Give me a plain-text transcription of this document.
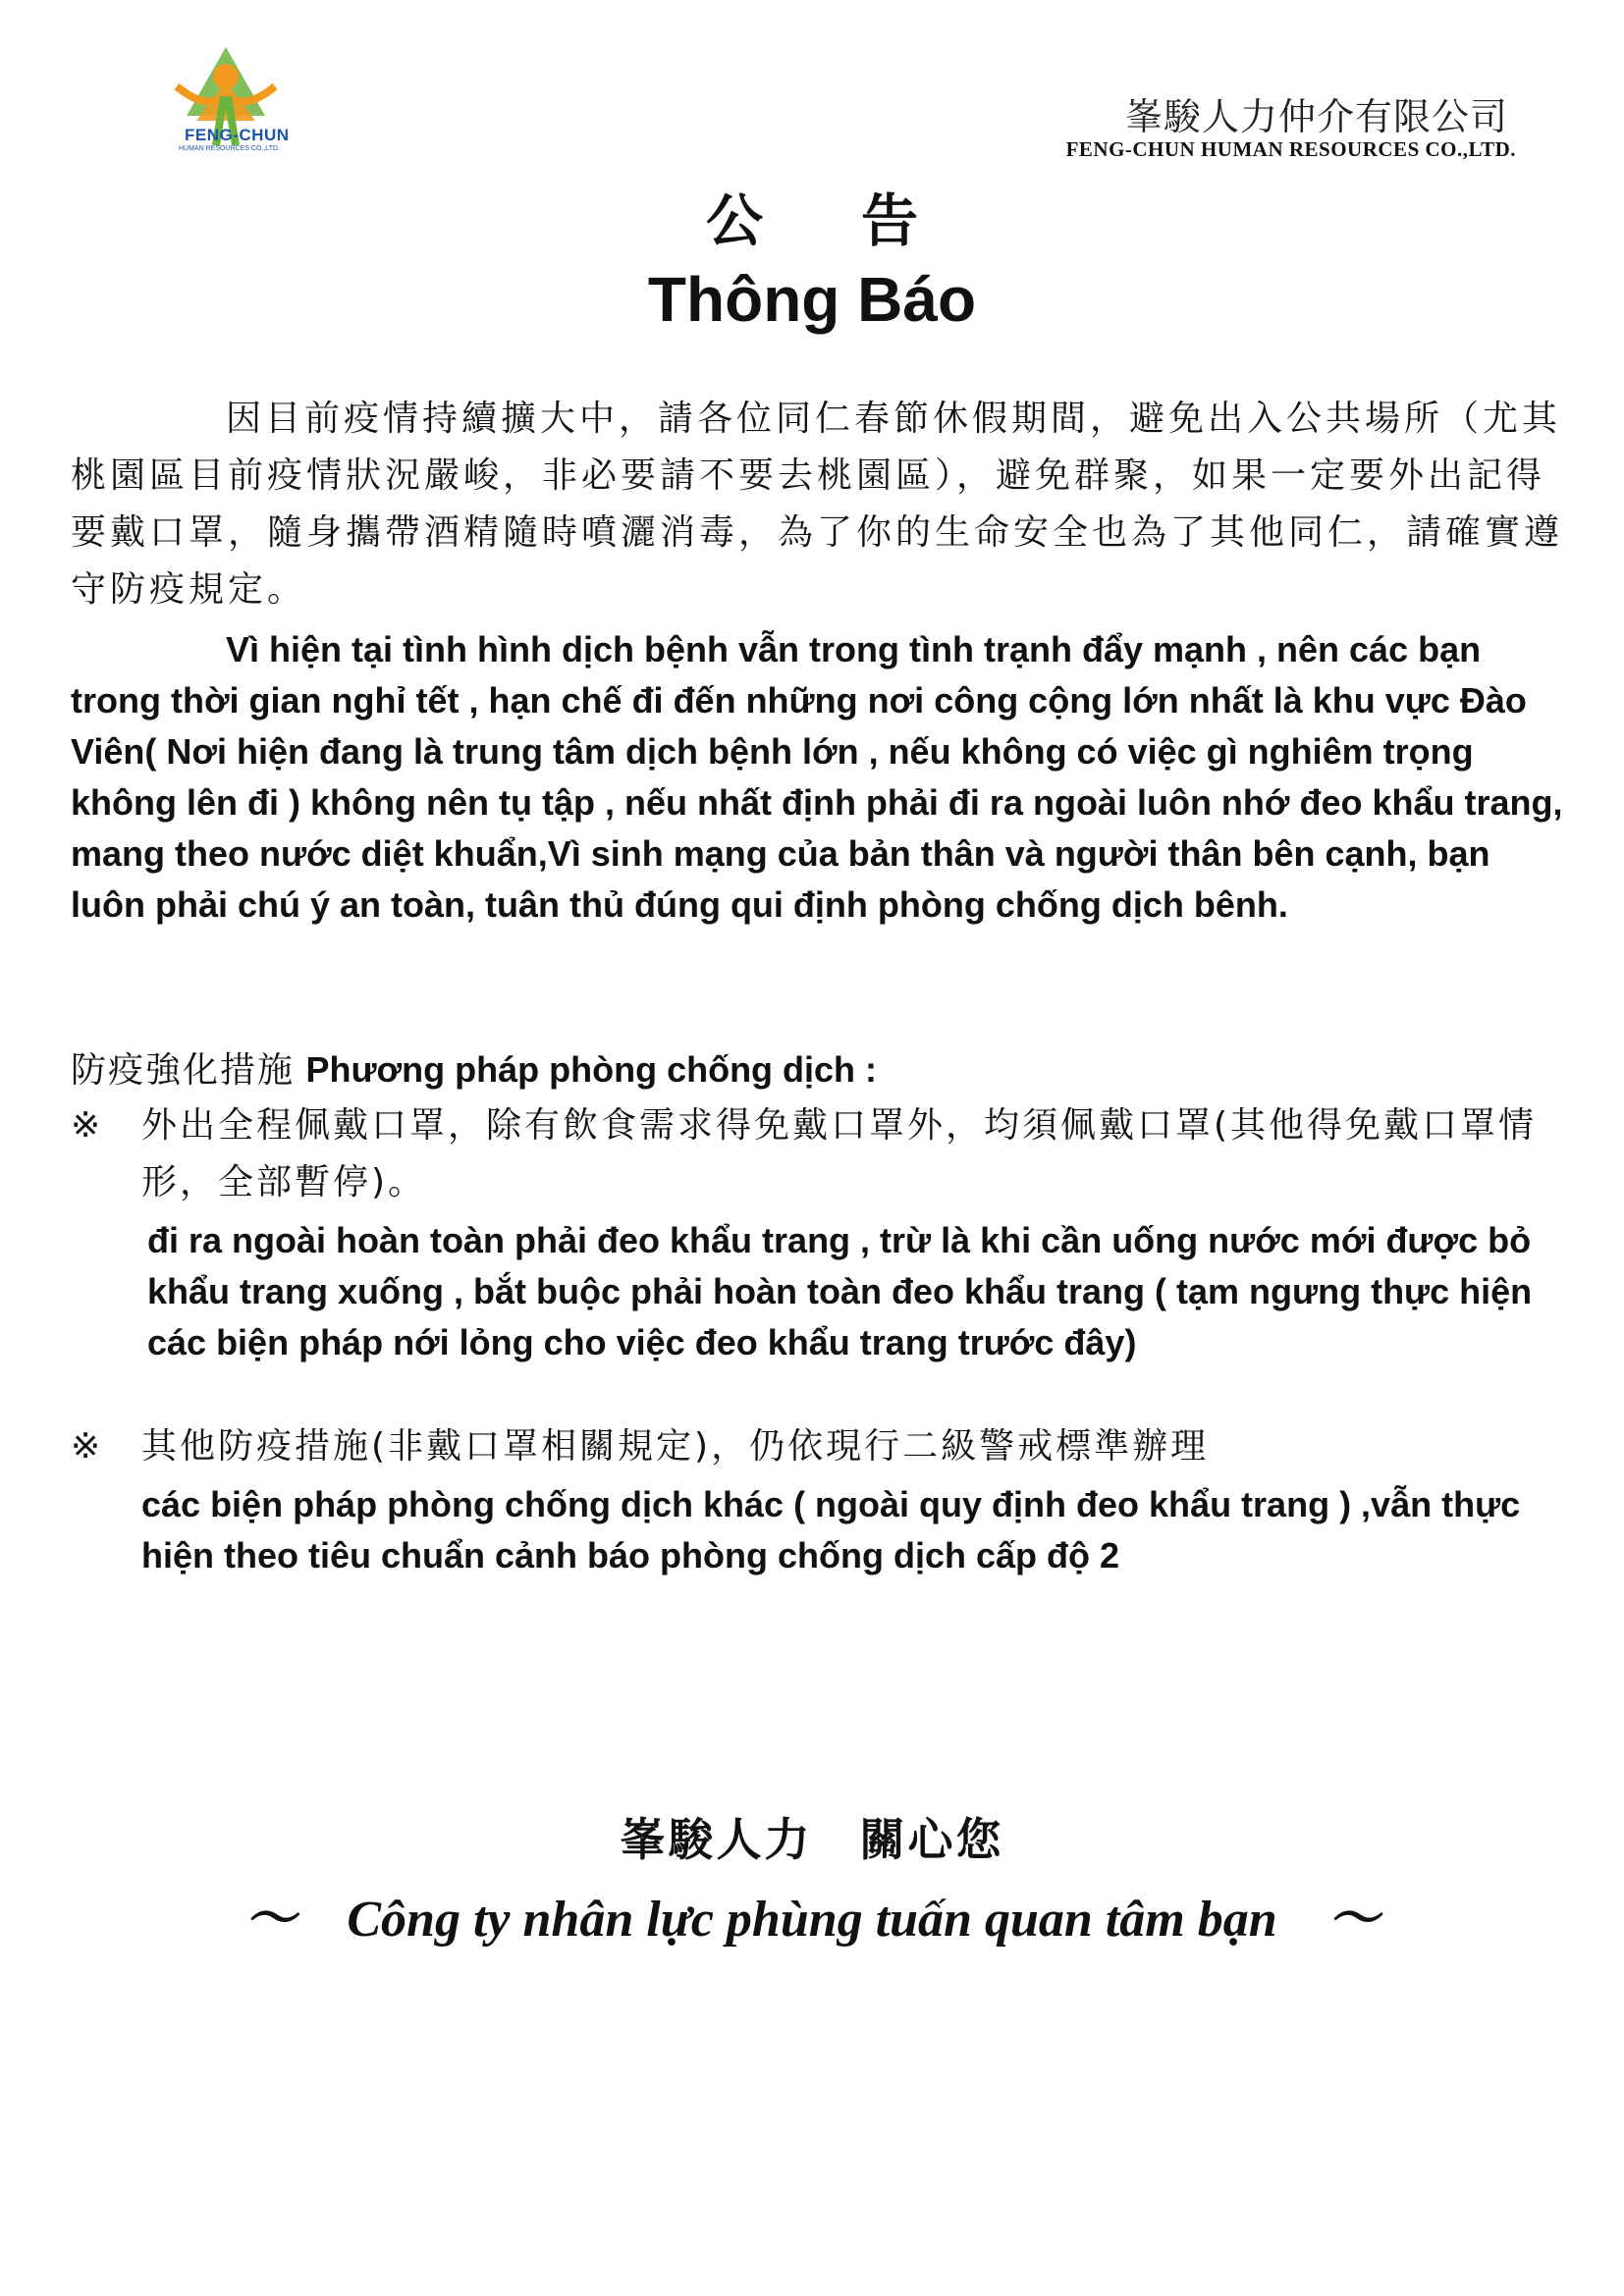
FENG-CHUN
HUMAN RESOURCES CO.,LTD.
峯駿人力仲介有限公司
FENG-CHUN HUMAN RESOURCES CO.,LTD.
公 告
Thông Báo
因目前疫情持續擴大中，請各位同仁春節休假期間，避免出入公共場所（尤其桃園區目前疫情狀況嚴峻，非必要請不要去桃園區），避免群聚，如果一定要外出記得要戴口罩，隨身攜帶酒精隨時噴灑消毒，為了你的生命安全也為了其他同仁，請確實遵守防疫規定。
Vì hiện tại tình hình dịch bệnh vẫn trong tình trạnh đẩy mạnh , nên các bạn trong thời gian nghỉ tết , hạn chế đi đến những nơi công cộng lớn nhất là khu vực Đào Viên( Nơi hiện đang là trung tâm dịch bệnh lớn , nếu không có việc gì nghiêm trọng không lên đi ) không nên tụ tập , nếu nhất định phải đi ra ngoài luôn nhớ đeo khẩu trang, mang theo nước diệt khuẩn,Vì sinh mạng của bản thân và người thân bên cạnh, bạn luôn phải chú ý an toàn, tuân thủ đúng qui định phòng chống dịch bênh.
防疫強化措施 Phương pháp phòng chống dịch :
※ 外出全程佩戴口罩，除有飲食需求得免戴口罩外，均須佩戴口罩(其他得免戴口罩情形，全部暫停)。
đi ra ngoài hoàn toàn phải đeo khẩu trang , trừ là khi cần uống nước mới được bỏ khẩu trang xuống , bắt buộc phải hoàn toàn đeo khẩu trang ( tạm ngưng thực hiện các biện pháp nới lỏng cho việc đeo khẩu trang trước đây)
※ 其他防疫措施(非戴口罩相關規定)，仍依現行二級警戒標準辦理
các biện pháp phòng chống dịch khác ( ngoài quy định đeo khẩu trang ) ,vẫn thực hiện theo tiêu chuẩn cảnh báo phòng chống dịch cấp độ 2
峯駿人力 關心您
～　Công ty nhân lực phùng tuấn quan tâm bạn　～
